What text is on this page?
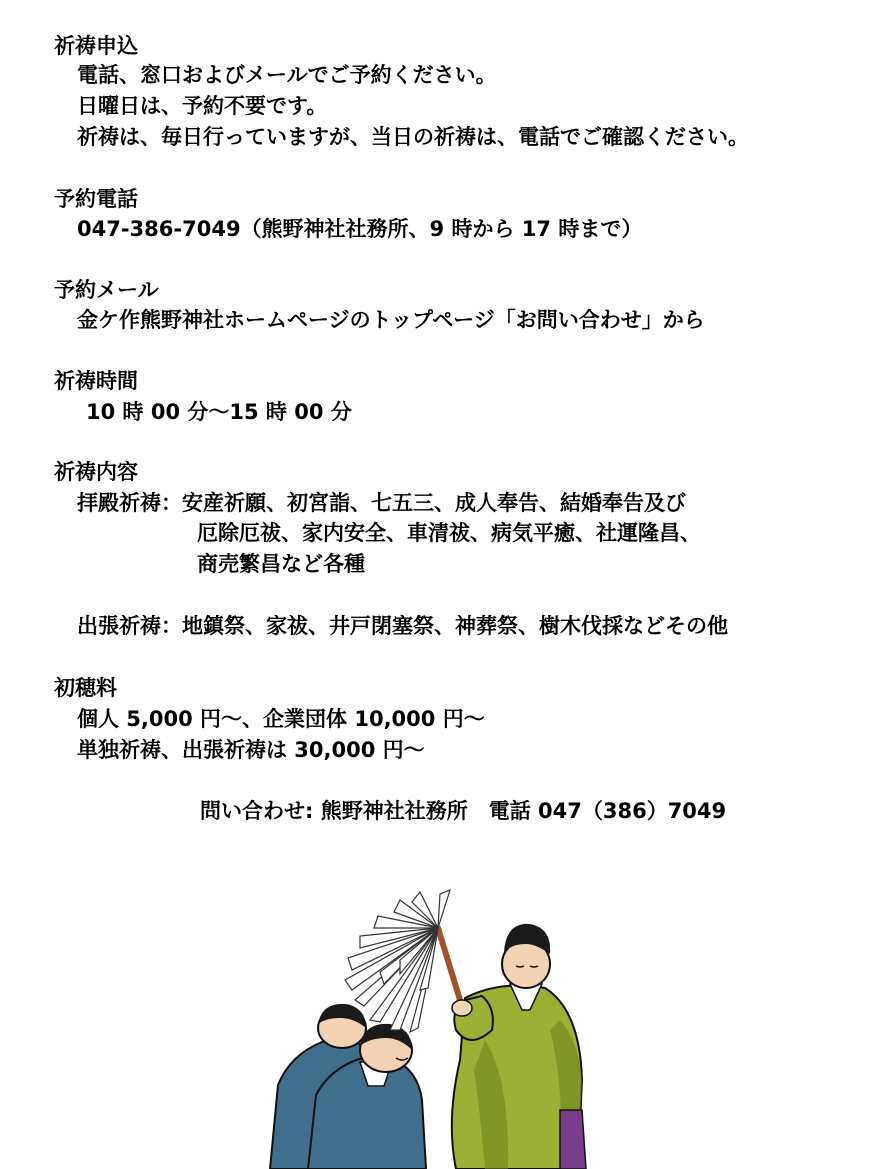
祈祷申込
電話、窓口およびメールでご予約ください。
日曜日は、予約不要です。
祈祷は、毎日行っていますが、当日の祈祷は、電話でご確認ください。
予約電話
047-386-7049（熊野神社社務所、9 時から 17 時まで）
予約メール
金ケ作熊野神社ホームページのトップページ「お問い合わせ」から
祈祷時間
10 時 00 分～15 時 00 分
祈祷内容
拝殿祈祷：安産祈願、初宮詣、七五三、成人奉告、結婚奉告及び
厄除厄祓、家内安全、車清祓、病気平癒、社運隆昌、
商売繁昌など各種
出張祈祷：地鎮祭、家祓、井戸閉塞祭、神葬祭、樹木伐採などその他
初穂料
個人 5,000 円～、企業団体 10,000 円～
単独祈祷、出張祈祷は 30,000 円～
問い合わせ: 熊野神社社務所　電話 047（386）7049
